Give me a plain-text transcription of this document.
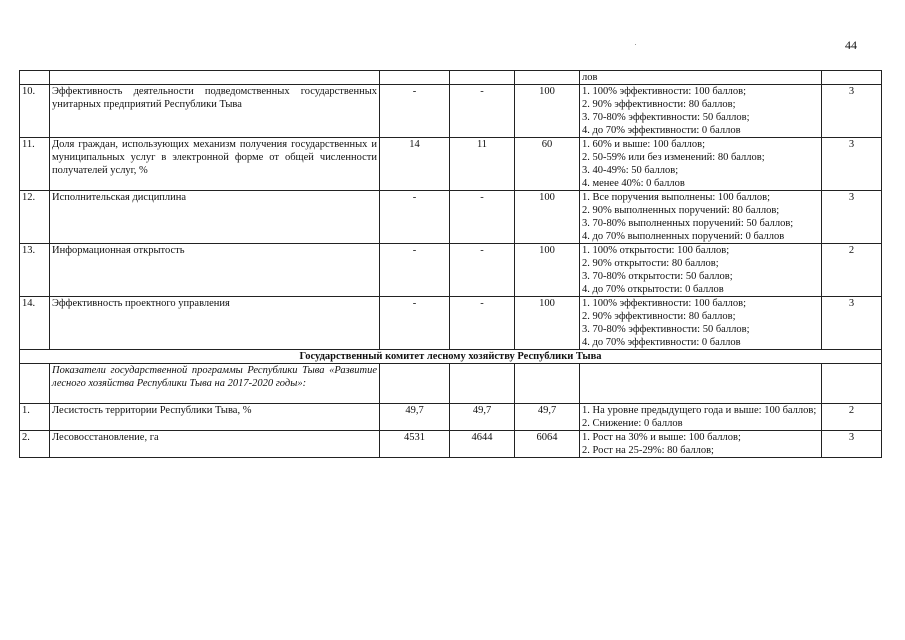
44
					лов	
10.	Эффективность деятельности подведомственных государственных унитарных предприятий Республики Тыва	-	-	100	1. 100% эффективности: 100 баллов;
2. 90% эффективности: 80 баллов;
3. 70-80% эффективности: 50 баллов;
4. до 70% эффективности: 0 баллов	3
11.	Доля граждан, использующих механизм получения государственных и муниципальных услуг в электронной форме от общей численности получателей услуг, %	14	11	60	1. 60% и выше: 100 баллов;
2. 50-59% или без изменений: 80 баллов;
3. 40-49%: 50 баллов;
4. менее 40%: 0 баллов	3
12.	Исполнительская дисциплина	-	-	100	1. Все поручения выполнены: 100 баллов;
2. 90% выполненных поручений: 80 баллов;
3. 70-80% выполненных поручений: 50 баллов;
4. до 70% выполненных поручений: 0 баллов	3
13.	Информационная открытость	-	-	100	1. 100% открытости: 100 баллов;
2. 90% открытости: 80 баллов;
3. 70-80% открытости: 50 баллов;
4. до 70% открытости: 0 баллов	2
14.	Эффективность проектного управления	-	-	100	1. 100% эффективности: 100 баллов;
2. 90% эффективности: 80 баллов;
3. 70-80% эффективности: 50 баллов;
4. до 70% эффективности: 0 баллов	3
Государственный комитет лесному хозяйству Республики Тыва						
	Показатели государственной программы Республики Тыва «Развитие лесного хозяйства Республики Тыва на 2017-2020 годы»:					
1.	Лесистость территории Республики Тыва, %	49,7	49,7	49,7	1. На уровне предыдущего года и выше: 100 баллов;
2. Снижение: 0 баллов	2
2.	Лесовосстановление, га	4531	4644	6064	1. Рост на 30% и выше: 100 баллов;
2. Рост на 25-29%: 80 баллов;	3
